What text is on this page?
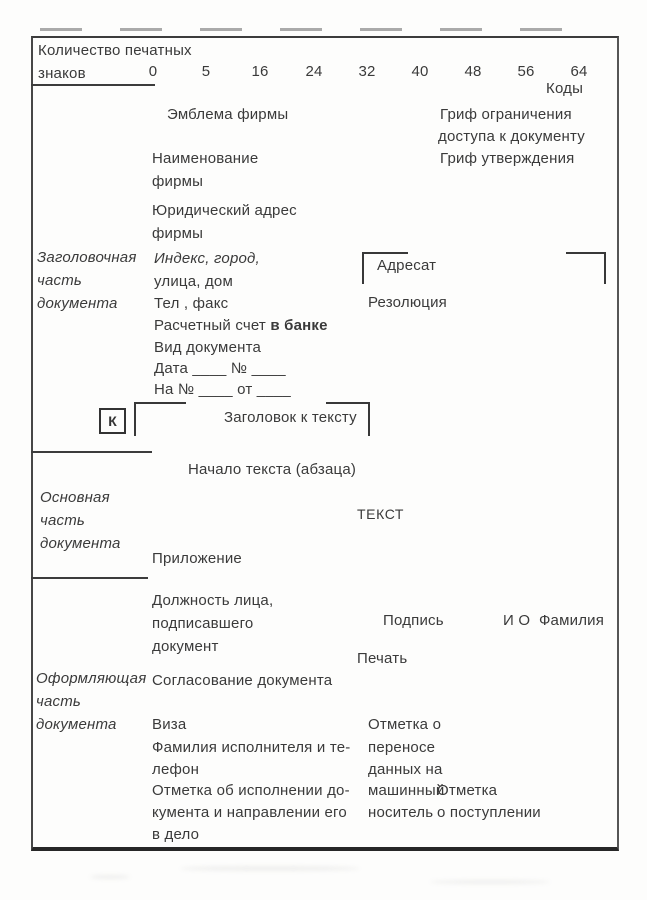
Количество печатных
знаков	0	5	16	24	32	40	48	56	64
Коды
Эмблема фирмы	Гриф ограничения
доступа к документу
Гриф утверждения
Наименование
фирмы
Юридический адрес
фирмы
Заголовочная
часть
документа
Индекс, город,
улица, дом
Тел , факс
Расчетный счет в банке
Вид документа
Дата ____ № ____
На № ____ от ____
Адресат
Резолюция
К	Заголовок к тексту
Начало текста (абзаца)
Основная
часть
документа
ТЕКСТ
Приложение
Должность лица,
подписавшего
документ
Подпись	И О  Фамилия
Печать
Оформляющая
часть
документа
Согласование документа
Виза
Фамилия исполнителя и те-
лефон
Отметка об исполнении до-
кумента и направлении его
в дело
Отметка о
переносе
данных на
машинный
носитель
Отметка
о поступлении
